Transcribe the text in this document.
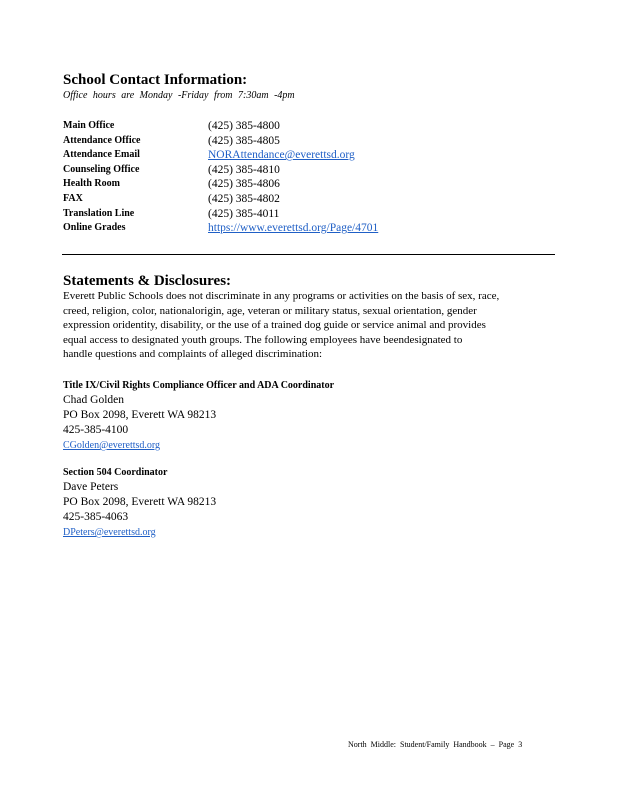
School Contact Information:
Office hours are Monday -Friday from 7:30am -4pm
Main Office	(425) 385-4800
Attendance Office	(425) 385-4805
Attendance Email	NORAttendance@everettsd.org
Counseling Office	(425) 385-4810
Health Room	(425) 385-4806
FAX	(425) 385-4802
Translation Line	(425) 385-4011
Online Grades	https://www.everettsd.org/Page/4701
Statements & Disclosures:

Everett Public Schools does not discriminate in any programs or activities on the basis of sex, race,

creed, religion, color, nationalorigin, age, veteran or military status, sexual orientation, gender

expression oridentity, disability, or the use of a trained dog guide or service animal and provides

equal access to designated youth groups. The following employees have beendesignated to

handle questions and complaints of alleged discrimination:

Title IX/Civil Rights Compliance Officer and ADA Coordinator
Chad Golden
PO Box 2098, Everett WA 98213
425-385-4100
CGolden@everettsd.org
Section 504 Coordinator
Dave Peters
PO Box 2098, Everett WA 98213
425-385-4063
DPeters@everettsd.org
North Middle: Student/Family Handbook – Page 3
